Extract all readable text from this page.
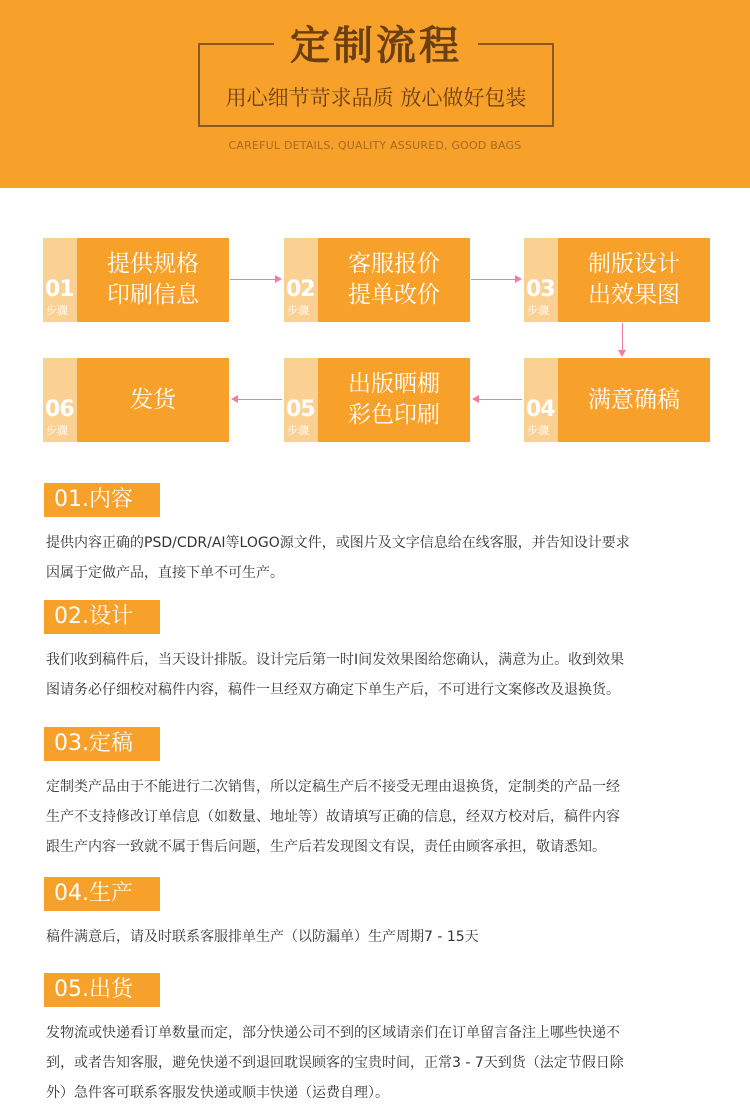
定制流程
用心细节苛求品质 放心做好包装
CAREFUL DETAILS, QUALITY ASSURED, GOOD BAGS
01
步骤
提供规格
印刷信息	02
步骤
客服报价
提单改价	03
步骤
制版设计
出效果图
04
步骤
满意确稿
05
步骤
出版晒棚
彩色印刷
06
步骤
发货
01.内容

提供内容正确的PSD/CDR/AI等LOGO源文件，或图片及文字信息给在线客服，并告知设计要求

因属于定做产品，直接下单不可生产。

02.设计

我们收到稿件后，当天设计排版。设计完后第一时I间发效果图给您确认，满意为止。收到效果

图请务必仔细校对稿件内容，稿件一旦经双方确定下单生产后，不可进行文案修改及退换货。

03.定稿

定制类产品由于不能进行二次销售，所以定稿生产后不接受无理由退换货，定制类的产品一经

生产不支持修改订单信息（如数量、地址等）故请填写正确的信息，经双方校对后，稿件内容

跟生产内容一致就不属于售后问题，生产后若发现图文有误，责任由顾客承担，敬请悉知。

04.生产

稿件满意后，请及时联系客服排单生产（以防漏单）生产周期7 - 15天

05.出货

发物流或快递看订单数量而定，部分快递公司不到的区域请亲们在订单留言备注上哪些快递不

到，或者告知客服，避免快递不到退回耽误顾客的宝贵时间，正常3 - 7天到货（法定节假日除

外）急件客可联系客服发快递或顺丰快递（运费自理）。
